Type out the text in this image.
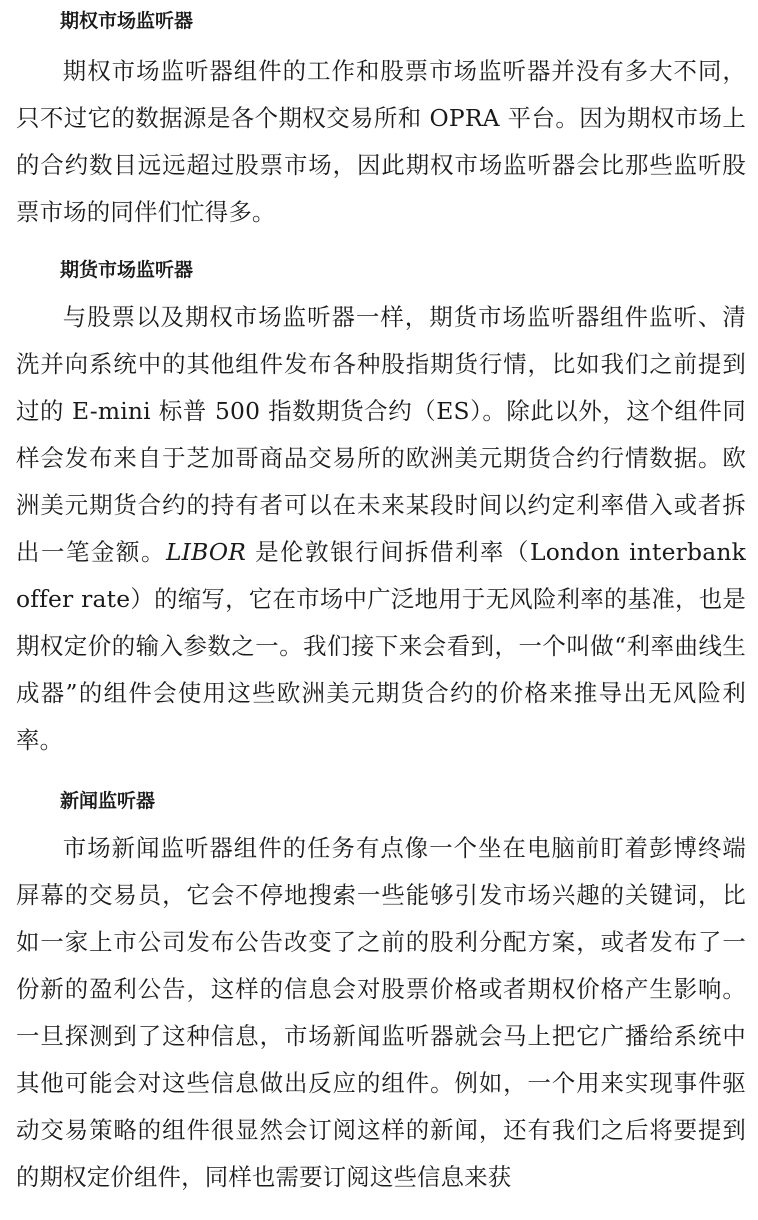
期权市场监听器

期权市场监听器组件的工作和股票市场监听器并没有多大不同，只不过它的数据源是各个期权交易所和 OPRA 平台。因为期权市场上的合约数目远远超过股票市场，因此期权市场监听器会比那些监听股票市场的同伴们忙得多。

期货市场监听器

与股票以及期权市场监听器一样，期货市场监听器组件监听、清洗并向系统中的其他组件发布各种股指期货行情，比如我们之前提到过的 E-mini 标普 500 指数期货合约（ES）。除此以外，这个组件同样会发布来自于芝加哥商品交易所的欧洲美元期货合约行情数据。欧洲美元期货合约的持有者可以在未来某段时间以约定利率借入或者拆出一笔金额。LIBOR 是伦敦银行间拆借利率（London interbank offer rate）的缩写，它在市场中广泛地用于无风险利率的基准，也是期权定价的输入参数之一。我们接下来会看到，一个叫做“利率曲线生成器”的组件会使用这些欧洲美元期货合约的价格来推导出无风险利率。

新闻监听器

市场新闻监听器组件的任务有点像一个坐在电脑前盯着彭博终端屏幕的交易员，它会不停地搜索一些能够引发市场兴趣的关键词，比如一家上市公司发布公告改变了之前的股利分配方案，或者发布了一份新的盈利公告，这样的信息会对股票价格或者期权价格产生影响。一旦探测到了这种信息，市场新闻监听器就会马上把它广播给系统中其他可能会对这些信息做出反应的组件。例如，一个用来实现事件驱动交易策略的组件很显然会订阅这样的新闻，还有我们之后将要提到的期权定价组件，同样也需要订阅这些信息来获
